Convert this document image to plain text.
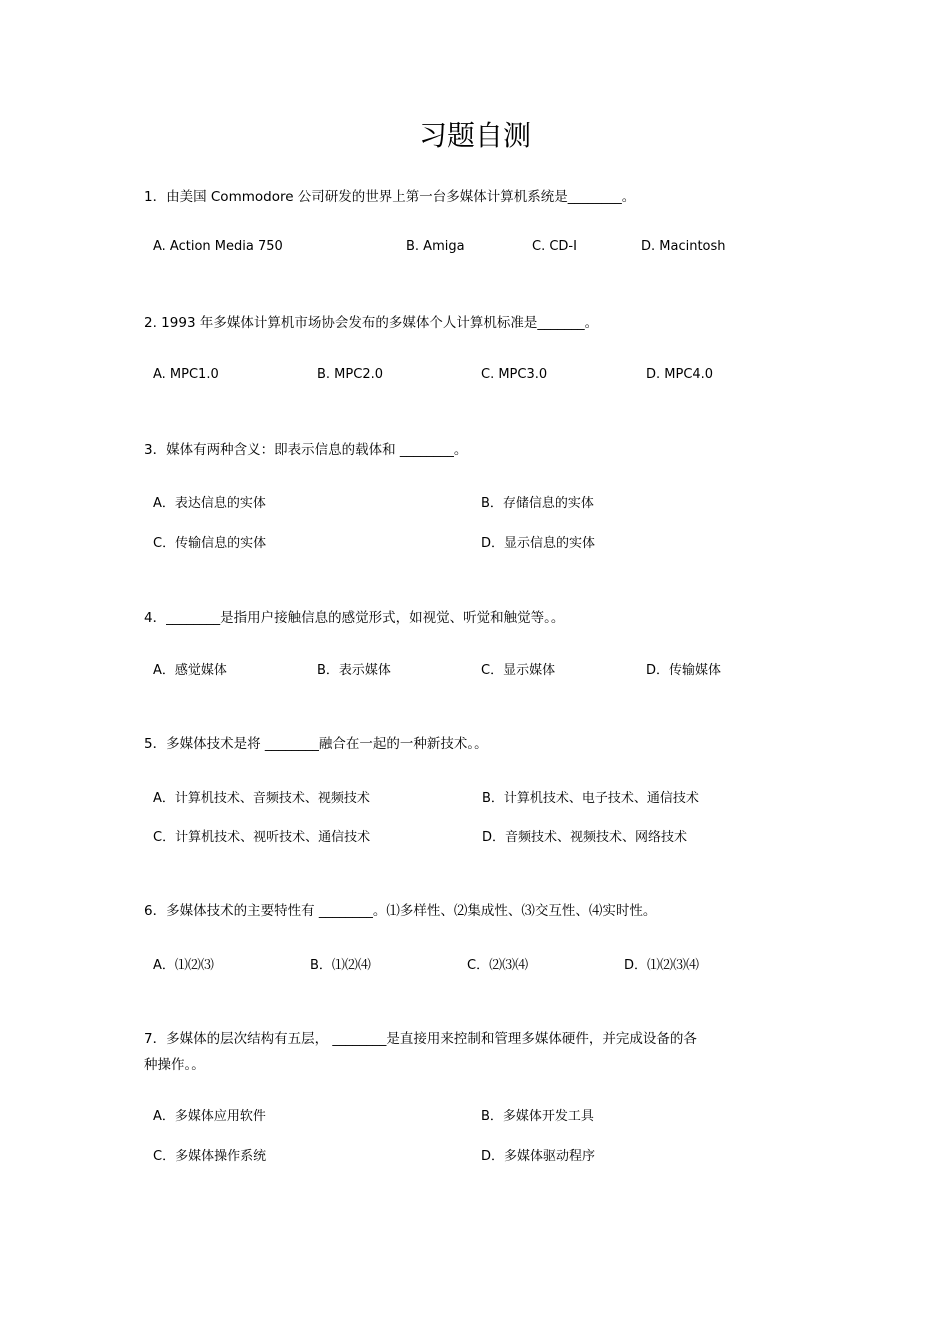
习题自测
1．由美国 Commodore 公司研发的世界上第一台多媒体计算机系统是________。
A. Action Media 750	B. Amiga	C. CD-I	D. Macintosh
2. 1993 年多媒体计算机市场协会发布的多媒体个人计算机标准是_______。
A. MPC1.0	B. MPC2.0	C. MPC3.0	D. MPC4.0
3．媒体有两种含义：即表示信息的载体和 ________。
A．表达信息的实体	B．存储信息的实体
C．传输信息的实体	D．显示信息的实体
4．________是指用户接触信息的感觉形式，如视觉、听觉和触觉等。。
A．感觉媒体	B．表示媒体	C．显示媒体	D．传输媒体
5．多媒体技术是将 ________融合在一起的一种新技术。。
A．计算机技术、音频技术、视频技术	B．计算机技术、电子技术、通信技术
C．计算机技术、视听技术、通信技术	D．音频技术、视频技术、网络技术
6．多媒体技术的主要特性有 ________。⑴多样性、⑵集成性、⑶交互性、⑷实时性。
A．⑴⑵⑶	B．⑴⑵⑷	C．⑵⑶⑷	D．⑴⑵⑶⑷
7．多媒体的层次结构有五层， ________是直接用来控制和管理多媒体硬件，并完成设备的各种操作。。
A．多媒体应用软件	B．多媒体开发工具
C．多媒体操作系统	D．多媒体驱动程序
